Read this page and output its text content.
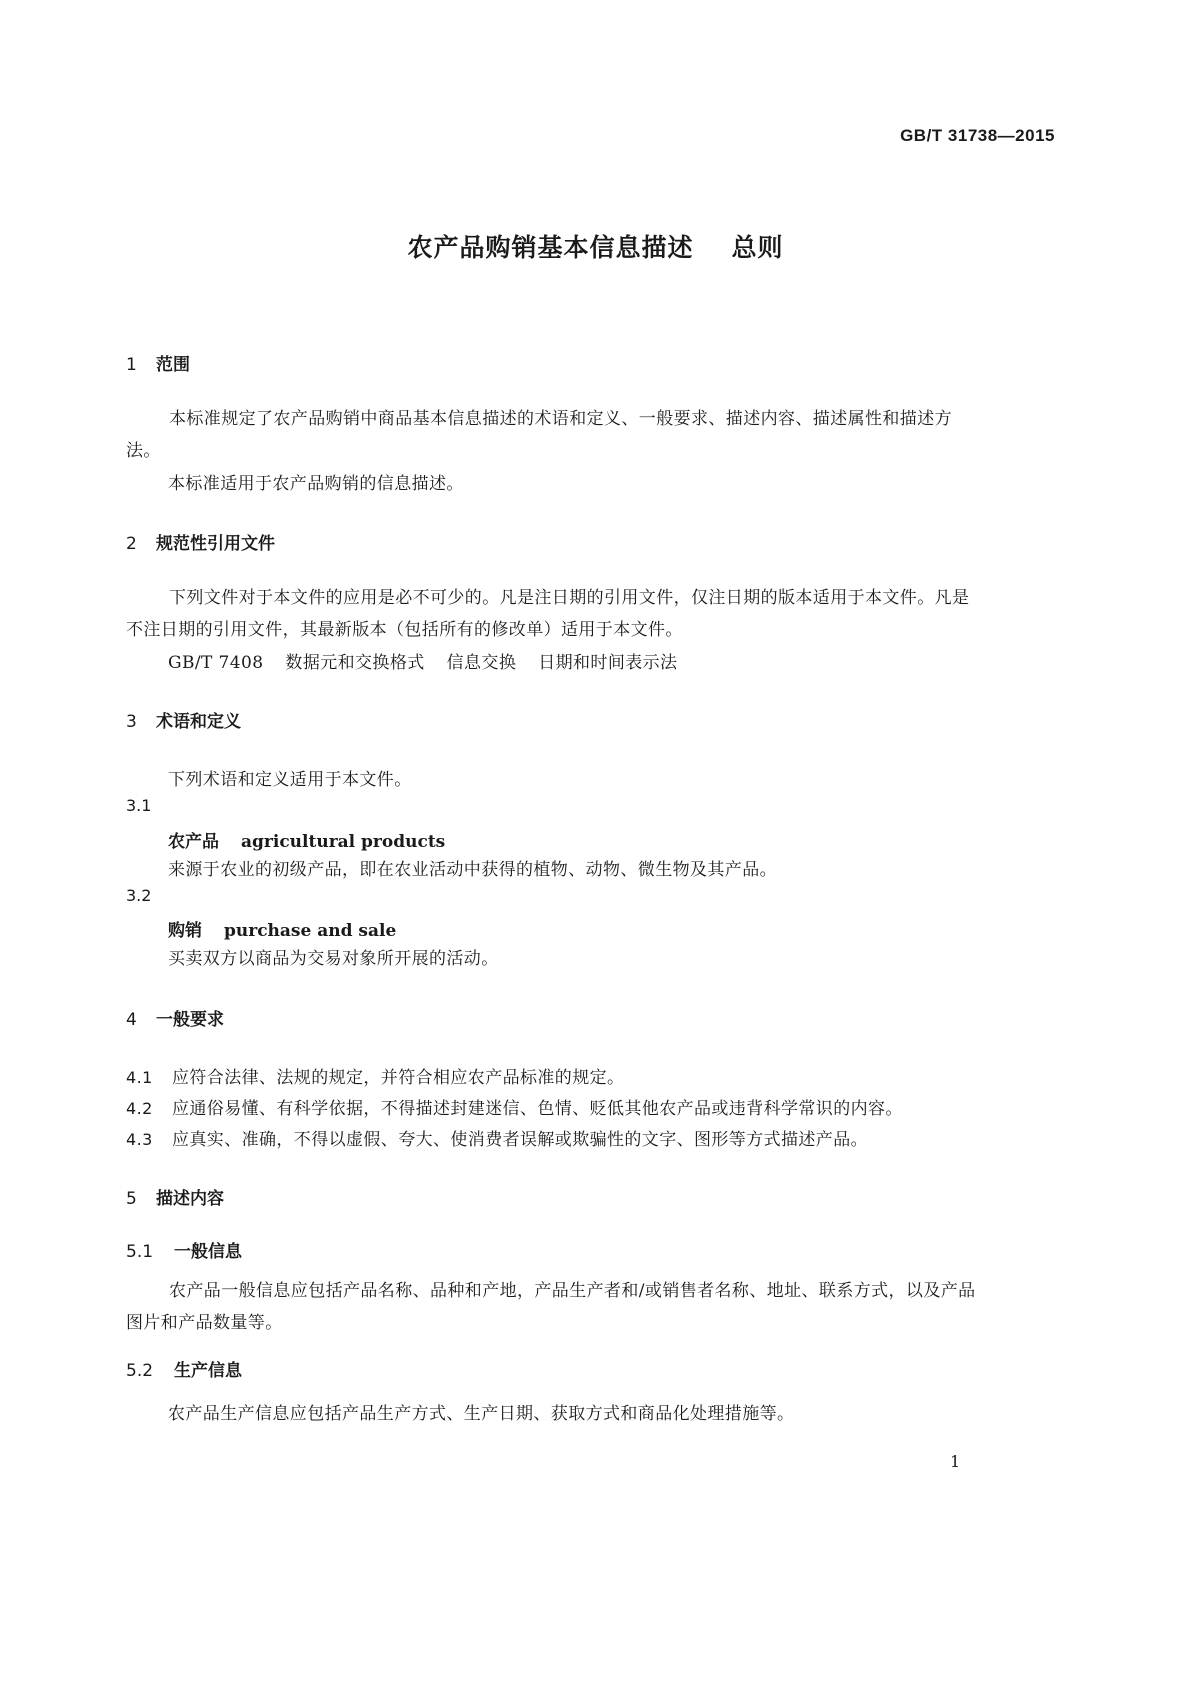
GB/T 31738—2015
农产品购销基本信息描述 总则
1 范围
本标准规定了农产品购销中商品基本信息描述的术语和定义、一般要求、描述内容、描述属性和描述方法。
本标准适用于农产品购销的信息描述。
2 规范性引用文件
下列文件对于本文件的应用是必不可少的。凡是注日期的引用文件，仅注日期的版本适用于本文件。凡是不注日期的引用文件，其最新版本（包括所有的修改单）适用于本文件。
GB/T 7408 数据元和交换格式 信息交换 日期和时间表示法
3 术语和定义
下列术语和定义适用于本文件。
3.1
农产品 agricultural products
来源于农业的初级产品，即在农业活动中获得的植物、动物、微生物及其产品。
3.2
购销 purchase and sale
买卖双方以商品为交易对象所开展的活动。
4 一般要求
4.1 应符合法律、法规的规定，并符合相应农产品标准的规定。
4.2 应通俗易懂、有科学依据，不得描述封建迷信、色情、贬低其他农产品或违背科学常识的内容。
4.3 应真实、准确，不得以虚假、夸大、使消费者误解或欺骗性的文字、图形等方式描述产品。
5 描述内容
5.1 一般信息
农产品一般信息应包括产品名称、品种和产地，产品生产者和/或销售者名称、地址、联系方式，以及产品图片和产品数量等。
5.2 生产信息
农产品生产信息应包括产品生产方式、生产日期、获取方式和商品化处理措施等。
1
